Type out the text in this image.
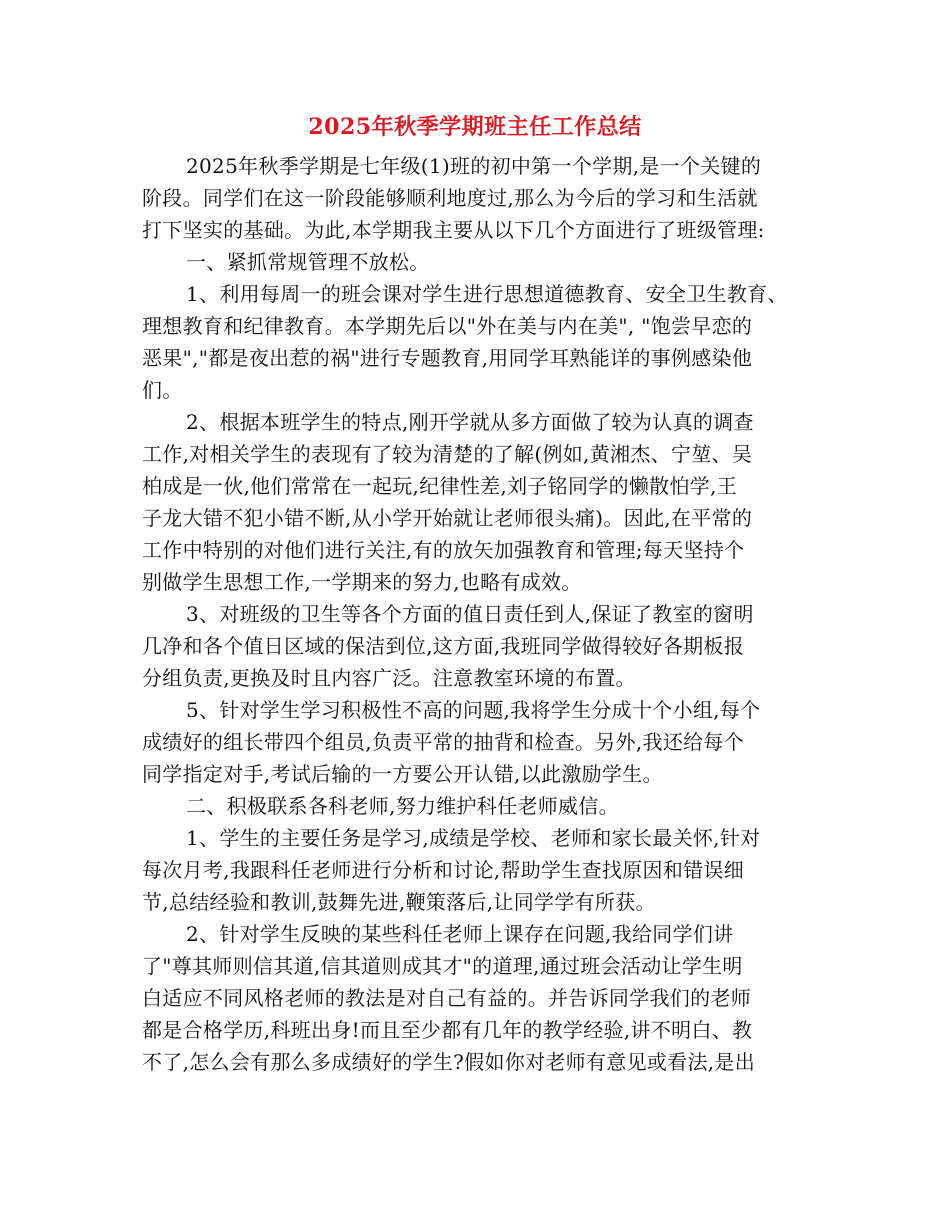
2025年秋季学期班主任工作总结
2025年秋季学期是七年级(1)班的初中第一个学期,是一个关键的
阶段。同学们在这一阶段能够顺利地度过,那么为今后的学习和生活就
打下坚实的基础。为此,本学期我主要从以下几个方面进行了班级管理:
一、紧抓常规管理不放松。
1、利用每周一的班会课对学生进行思想道德教育、安全卫生教育、
理想教育和纪律教育。本学期先后以"外在美与内在美", "饱尝早恋的
恶果","都是夜出惹的祸"进行专题教育,用同学耳熟能详的事例感染他
们。
2、根据本班学生的特点,刚开学就从多方面做了较为认真的调查
工作,对相关学生的表现有了较为清楚的了解(例如,黄湘杰、宁堃、吴
柏成是一伙,他们常常在一起玩,纪律性差,刘子铭同学的懒散怕学,王
子龙大错不犯小错不断,从小学开始就让老师很头痛)。因此,在平常的
工作中特别的对他们进行关注,有的放矢加强教育和管理;每天坚持个
别做学生思想工作,一学期来的努力,也略有成效。
3、对班级的卫生等各个方面的值日责任到人,保证了教室的窗明
几净和各个值日区域的保洁到位,这方面,我班同学做得较好各期板报
分组负责,更换及时且内容广泛。注意教室环境的布置。
5、针对学生学习积极性不高的问题,我将学生分成十个小组,每个
成绩好的组长带四个组员,负责平常的抽背和检查。另外,我还给每个
同学指定对手,考试后输的一方要公开认错,以此激励学生。
二、积极联系各科老师,努力维护科任老师威信。
1、学生的主要任务是学习,成绩是学校、老师和家长最关怀,针对
每次月考,我跟科任老师进行分析和讨论,帮助学生查找原因和错误细
节,总结经验和教训,鼓舞先进,鞭策落后,让同学学有所获。
2、针对学生反映的某些科任老师上课存在问题,我给同学们讲
了"尊其师则信其道,信其道则成其才"的道理,通过班会活动让学生明
白适应不同风格老师的教法是对自己有益的。并告诉同学我们的老师
都是合格学历,科班出身!而且至少都有几年的教学经验,讲不明白、教
不了,怎么会有那么多成绩好的学生?假如你对老师有意见或看法,是出
